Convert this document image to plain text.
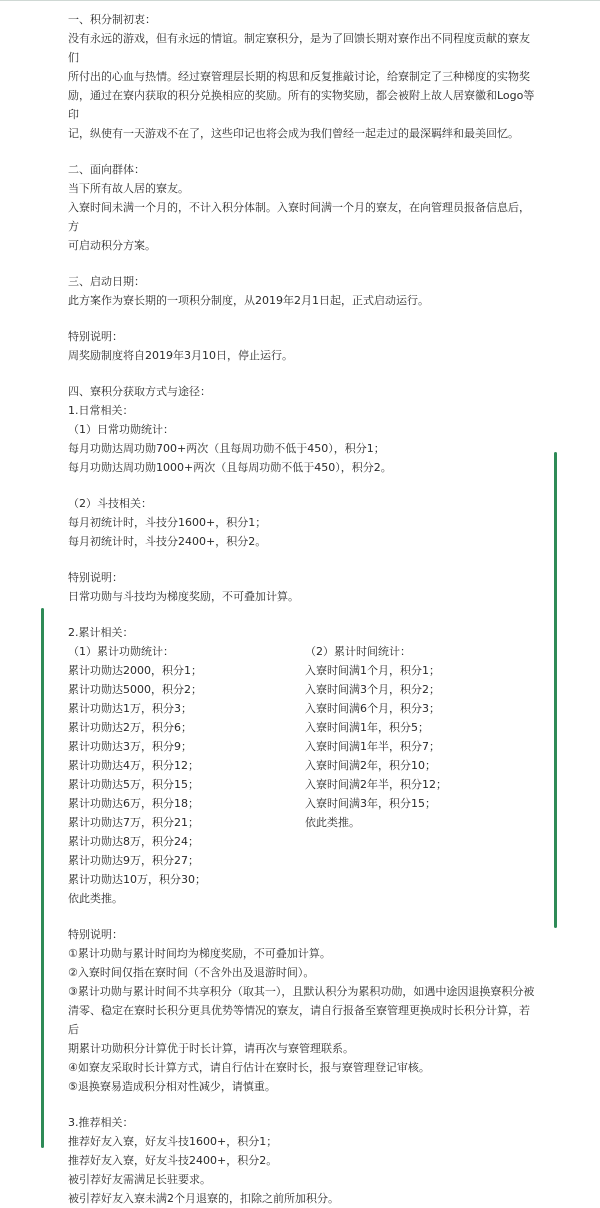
一、积分制初衷：

没有永远的游戏，但有永远的情谊。制定寮积分，是为了回馈长期对寮作出不同程度贡献的寮友们

所付出的心血与热情。经过寮管理层长期的构思和反复推敲讨论，给寮制定了三种梯度的实物奖

励，通过在寮内获取的积分兑换相应的奖励。所有的实物奖励，都会被附上故人居寮徽和Logo等印

记，纵使有一天游戏不在了，这些印记也将会成为我们曾经一起走过的最深羁绊和最美回忆。

二、面向群体：

当下所有故人居的寮友。

入寮时间未满一个月的，不计入积分体制。入寮时间满一个月的寮友，在向管理员报备信息后，方

可启动积分方案。

三、启动日期：

此方案作为寮长期的一项积分制度，从2019年2月1日起，正式启动运行。

特别说明：

周奖励制度将自2019年3月10日，停止运行。

四、寮积分获取方式与途径：

1.日常相关：

（1）日常功勋统计：

每月功勋达周功勋700+两次（且每周功勋不低于450），积分1；

每月功勋达周功勋1000+两次（且每周功勋不低于450），积分2。

（2）斗技相关：

每月初统计时，斗技分1600+，积分1；

每月初统计时，斗技分2400+，积分2。

特别说明：

日常功勋与斗技均为梯度奖励，不可叠加计算。

2.累计相关：

（1）累计功勋统计：

累计功勋达2000，积分1；

累计功勋达5000，积分2；

累计功勋达1万，积分3；

累计功勋达2万，积分6；

累计功勋达3万，积分9；

累计功勋达4万，积分12；

累计功勋达5万，积分15；

累计功勋达6万，积分18；

累计功勋达7万，积分21；

累计功勋达8万，积分24；

累计功勋达9万，积分27；

累计功勋达10万，积分30；

依此类推。

（2）累计时间统计：

入寮时间满1个月，积分1；

入寮时间满3个月，积分2；

入寮时间满6个月，积分3；

入寮时间满1年，积分5；

入寮时间满1年半，积分7；

入寮时间满2年，积分10；

入寮时间满2年半，积分12；

入寮时间满3年，积分15；

依此类推。

特别说明：

①累计功勋与累计时间均为梯度奖励，不可叠加计算。

②入寮时间仅指在寮时间（不含外出及退游时间）。

③累计功勋与累计时间不共享积分（取其一），且默认积分为累积功勋，如遇中途因退换寮积分被

清零、稳定在寮时长积分更具优势等情况的寮友，请自行报备至寮管理更换成时长积分计算，若后

期累计功勋积分计算优于时长计算，请再次与寮管理联系。

④如寮友采取时长计算方式，请自行估计在寮时长，报与寮管理登记审核。

⑤退换寮易造成积分相对性减少，请慎重。

3.推荐相关：

推荐好友入寮，好友斗技1600+，积分1；

推荐好友入寮，好友斗技2400+，积分2。

被引荐好友需满足长驻要求。

被引荐好友入寮未满2个月退寮的，扣除之前所加积分。
